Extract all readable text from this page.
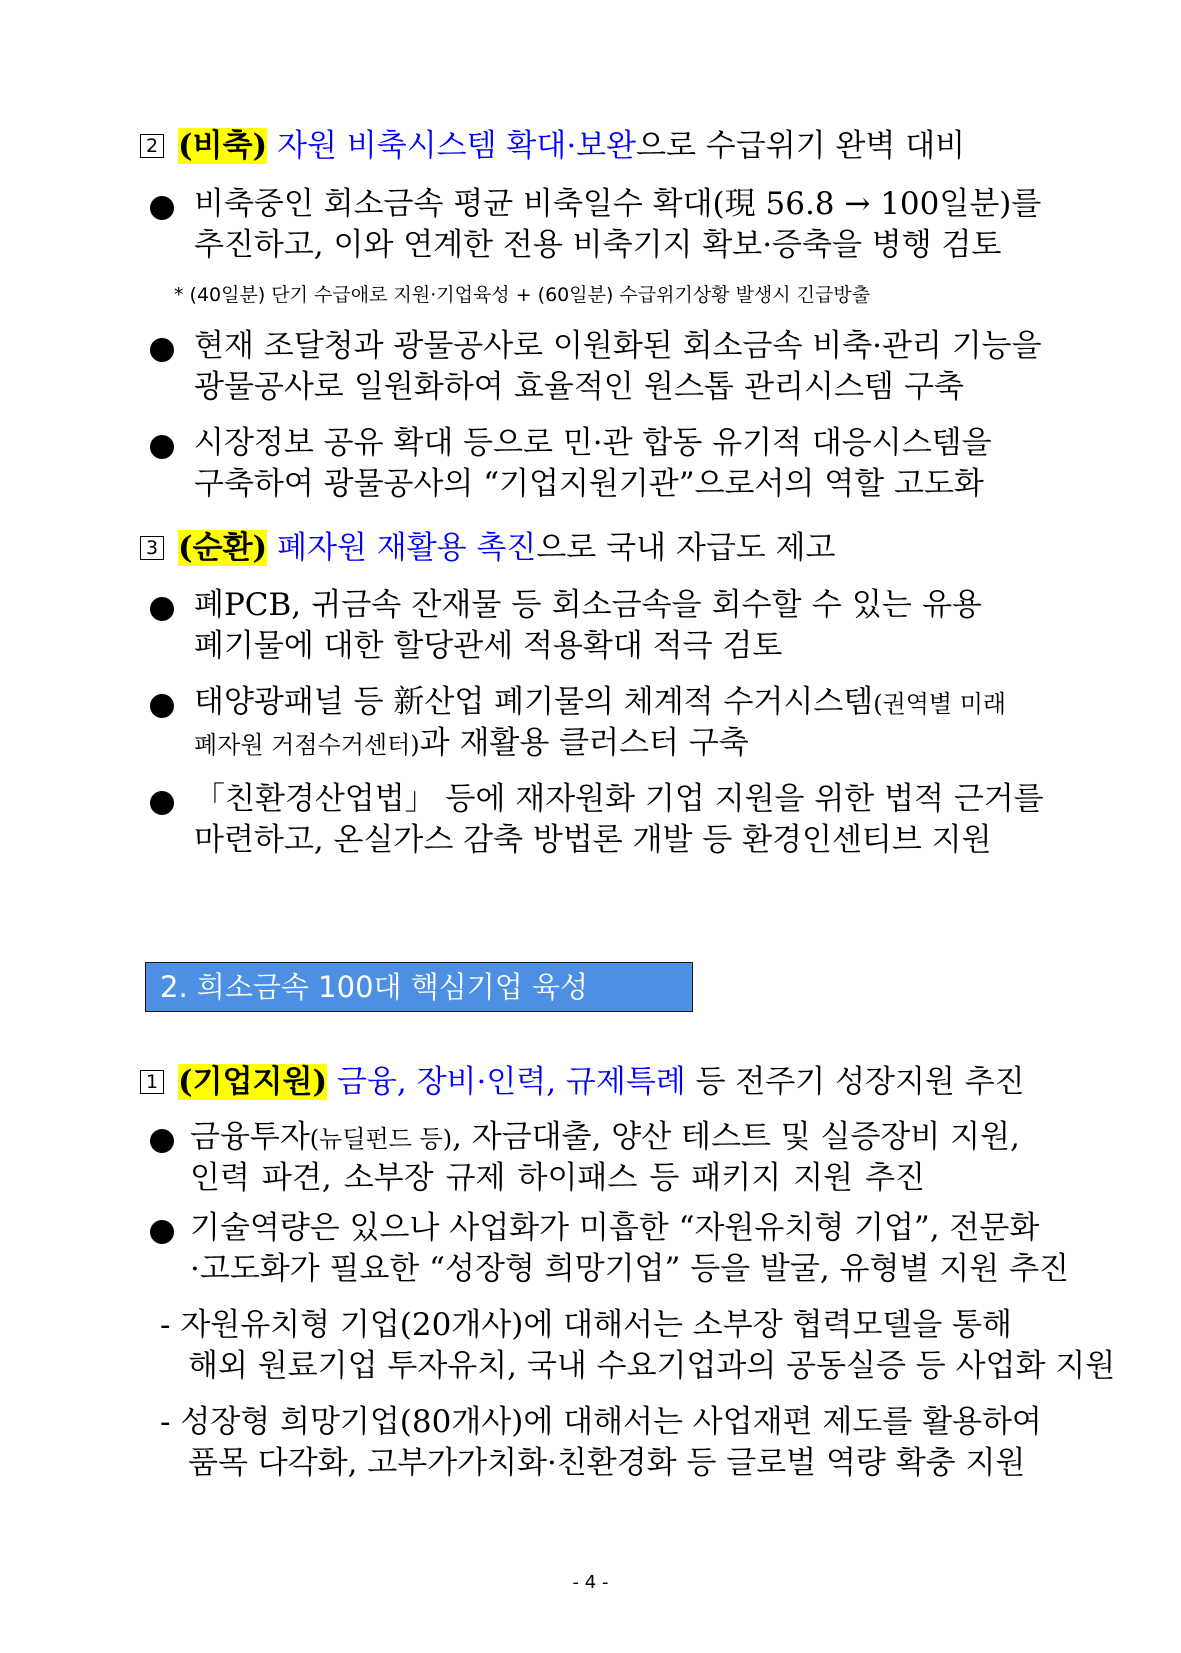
2 (비축) 자원 비축시스템 확대·보완으로 수급위기 완벽 대비
비축중인 회소금속 평균 비축일수 확대(現 56.8 → 100일분)를
추진하고, 이와 연계한 전용 비축기지 확보·증축을 병행 검토
* (40일분) 단기 수급애로 지원·기업육성 + (60일분) 수급위기상황 발생시 긴급방출
현재 조달청과 광물공사로 이원화된 회소금속 비축·관리 기능을
광물공사로 일원화하여 효율적인 원스톱 관리시스템 구축
시장정보 공유 확대 등으로 민·관 합동 유기적 대응시스템을
구축하여 광물공사의 “기업지원기관”으로서의 역할 고도화
3 (순환) 폐자원 재활용 촉진으로 국내 자급도 제고
폐PCB, 귀금속 잔재물 등 회소금속을 회수할 수 있는 유용
폐기물에 대한 할당관세 적용확대 적극 검토
태양광패널 등 新산업 폐기물의 체계적 수거시스템(권역별 미래
폐자원 거점수거센터)과 재활용 클러스터 구축
「친환경산업법」 등에 재자원화 기업 지원을 위한 법적 근거를
마련하고, 온실가스 감축 방법론 개발 등 환경인센티브 지원
2. 희소금속 100대 핵심기업 육성
1 (기업지원) 금융, 장비·인력, 규제특례 등 전주기 성장지원 추진
금융투자(뉴딜펀드 등), 자금대출, 양산 테스트 및 실증장비 지원,
인력 파견, 소부장 규제 하이패스 등 패키지 지원 추진
기술역량은 있으나 사업화가 미흡한 “자원유치형 기업”, 전문화
·고도화가 필요한 “성장형 희망기업” 등을 발굴, 유형별 지원 추진
- 자원유치형 기업(20개사)에 대해서는 소부장 협력모델을 통해
해외 원료기업 투자유치, 국내 수요기업과의 공동실증 등 사업화 지원
- 성장형 희망기업(80개사)에 대해서는 사업재편 제도를 활용하여
품목 다각화, 고부가가치화·친환경화 등 글로벌 역량 확충 지원
- 4 -
